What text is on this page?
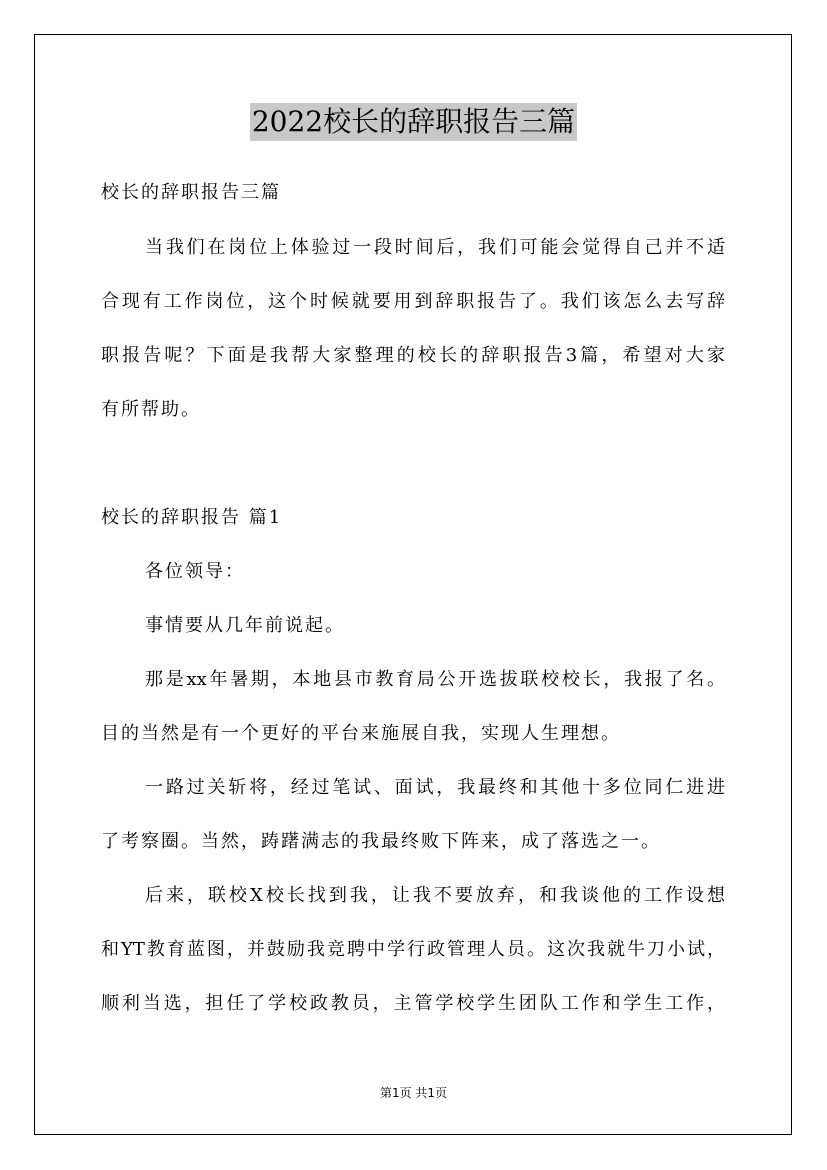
2022校长的辞职报告三篇
校长的辞职报告三篇
当我们在岗位上体验过一段时间后，我们可能会觉得自己并不适
合现有工作岗位，这个时候就要用到辞职报告了。我们该怎么去写辞
职报告呢？下面是我帮大家整理的校长的辞职报告3篇，希望对大家
有所帮助。
校长的辞职报告 篇1
各位领导：
事情要从几年前说起。
那是xx年暑期，本地县市教育局公开选拔联校校长，我报了名。
目的当然是有一个更好的平台来施展自我，实现人生理想。
一路过关斩将，经过笔试、面试，我最终和其他十多位同仁进进
了考察圈。当然，踌躇满志的我最终败下阵来，成了落选之一。
后来，联校X校长找到我，让我不要放弃，和我谈他的工作设想
和YT教育蓝图，并鼓励我竞聘中学行政管理人员。这次我就牛刀小试，
顺利当选，担任了学校政教员，主管学校学生团队工作和学生工作，
第1页 共1页
